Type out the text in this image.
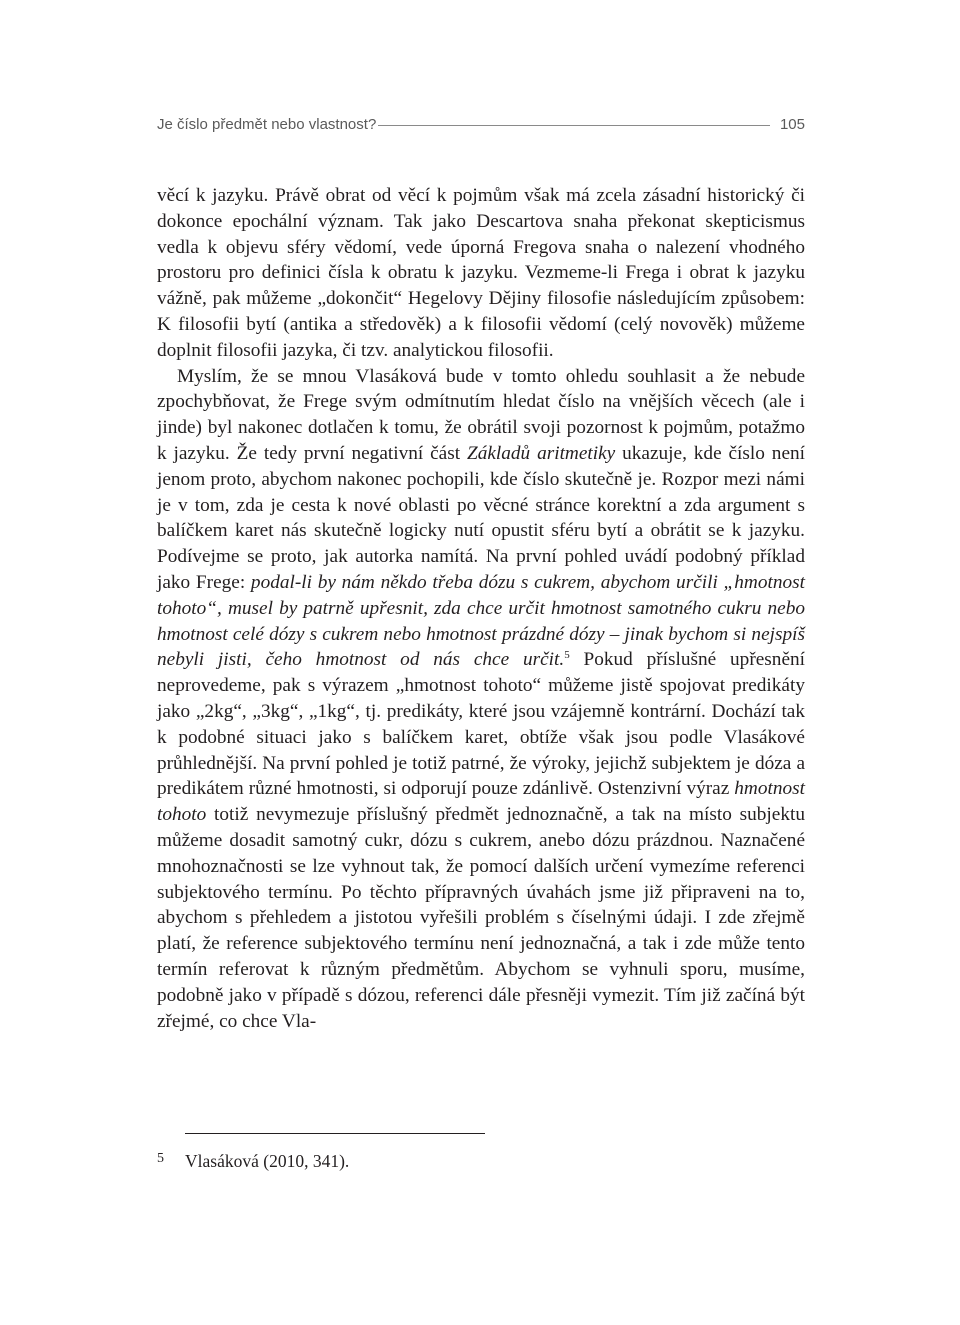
Je číslo předmět nebo vlastnost?	105

věcí k jazyku. Právě obrat od věcí k pojmům však má zcela zásadní historický či dokonce epochální význam. Tak jako Descartova snaha překonat skepticismus vedla k objevu sféry vědomí, vede úporná Fregova snaha o nalezení vhodného prostoru pro definici čísla k obratu k jazyku. Vezmeme-li Frega i obrat k jazyku vážně, pak můžeme „dokončit“ Hegelovy Dějiny filosofie následujícím způsobem: K filosofii bytí (antika a středověk) a k filosofii vědomí (celý novověk) můžeme doplnit filosofii jazyka, či tzv. analytickou filosofii.

Myslím, že se mnou Vlasáková bude v tomto ohledu souhlasit a že nebude zpochybňovat, že Frege svým odmítnutím hledat číslo na vnějších věcech (ale i jinde) byl nakonec dotlačen k tomu, že obrátil svoji pozornost k pojmům, potažmo k jazyku. Že tedy první negativní část Základů aritmetiky ukazuje, kde číslo není jenom proto, abychom nakonec pochopili, kde číslo skutečně je. Rozpor mezi námi je v tom, zda je cesta k nové oblasti po věcné stránce korektní a zda argument s balíčkem karet nás skutečně logicky nutí opustit sféru bytí a obrátit se k jazyku. Podívejme se proto, jak autorka namítá. Na první pohled uvádí podobný příklad jako Frege: podal-li by nám někdo třeba dózu s cukrem, abychom určili „hmotnost tohoto“, musel by patrně upřesnit, zda chce určit hmotnost samotného cukru nebo hmotnost celé dózy s cukrem nebo hmotnost prázdné dózy – jinak bychom si nejspíš nebyli jisti, čeho hmotnost od nás chce určit.$^5$ Pokud příslušné upřesnění neprovedeme, pak s výrazem „hmotnost tohoto“ můžeme jistě spojovat predikáty jako „2kg“, „3kg“, „1kg“, tj. predikáty, které jsou vzájemně kontrární. Dochází tak k podobné situaci jako s balíčkem karet, obtíže však jsou podle Vlasákové průhlednější. Na první pohled je totiž patrné, že výroky, jejichž subjektem je dóza a predikátem různé hmotnosti, si odporují pouze zdánlivě. Ostenzivní výraz hmotnost tohoto totiž nevymezuje příslušný předmět jednoznačně, a tak na místo subjektu můžeme dosadit samotný cukr, dózu s cukrem, anebo dózu prázdnou. Naznačené mnohoznačnosti se lze vyhnout tak, že pomocí dalších určení vymezíme referenci subjektového termínu. Po těchto přípravných úvahách jsme již připraveni na to, abychom s přehledem a jistotou vyřešili problém s číselnými údaji. I zde zřejmě platí, že reference subjektového termínu není jednoznačná, a tak i zde může tento termín referovat k různým předmětům. Abychom se vyhnuli sporu, musíme, podobně jako v případě s dózou, referenci dále přesněji vymezit. Tím již začíná být zřejmé, co chce Vla-

5 Vlasáková (2010, 341).
